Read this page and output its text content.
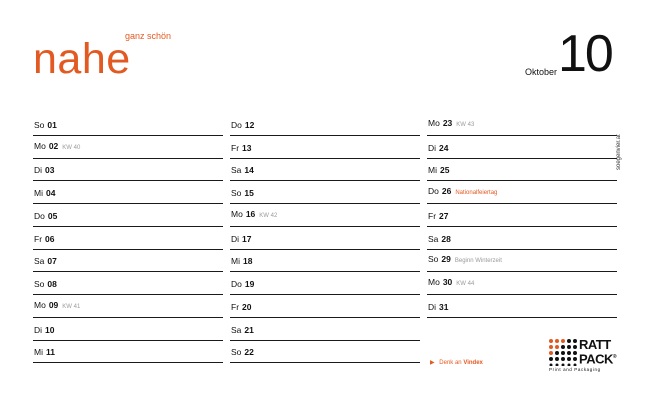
ganz schön
nahe	Oktober 10
So 01
Mo 02 KW 40
Di 03
Mi 04
Do 05
Fr 06
Sa 07
So 08
Mo 09 KW 41
Di 10
Mi 11
Do 12
Fr 13
Sa 14
So 15
Mo 16 KW 42
Di 17
Mi 18
Do 19
Fr 20
Sa 21
So 22
Mo 23 KW 43
Di 24
Mi 25
Do 26 Nationalfeiertag
Fr 27
Sa 28
So 29 Beginn Winterzeit
Mo 30 KW 44
Di 31
soegenvier.at
▶ Denk an Vindex
RATT
PACK®
Print and Packaging
